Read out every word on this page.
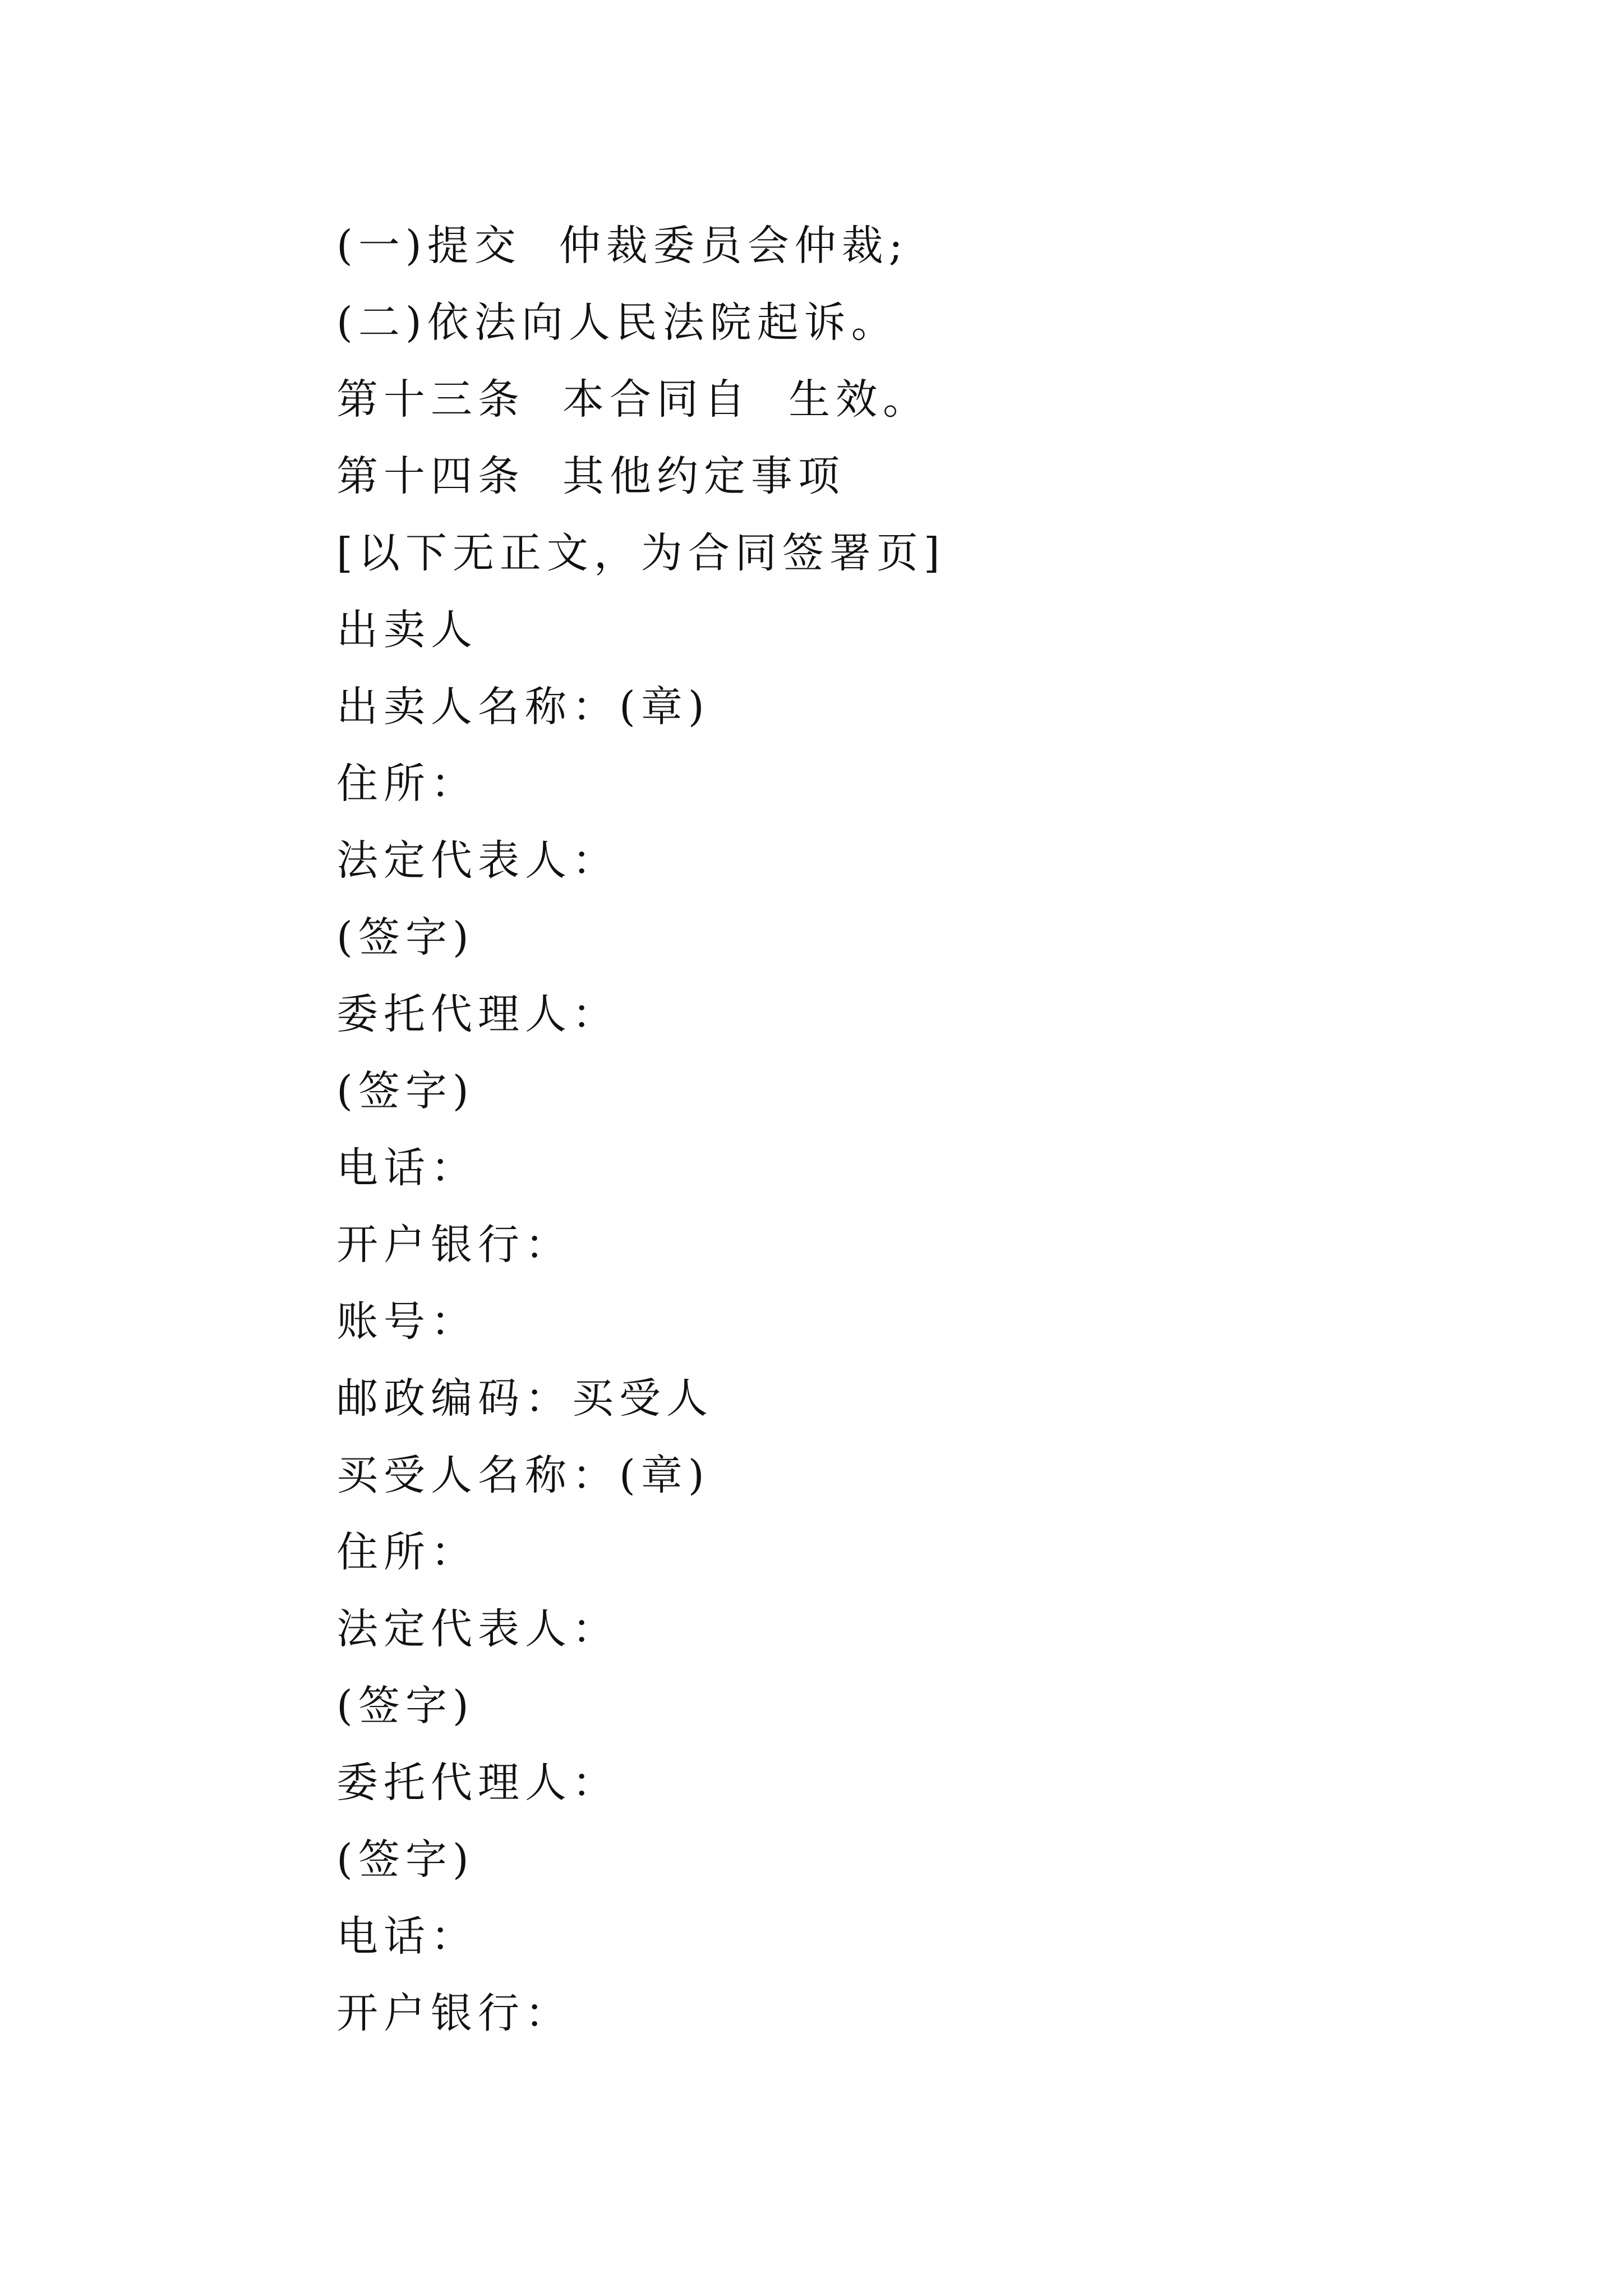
(一)提交  仲裁委员会仲裁;
(二)依法向人民法院起诉。
第十三条  本合同自  生效。
第十四条  其他约定事项
[以下无正文，为合同签署页]
出卖人
出卖人名称：(章)
住所：
法定代表人：
(签字)
委托代理人：
(签字)
电话：
开户银行：
账号：
邮政编码：买受人
买受人名称：(章)
住所：
法定代表人：
(签字)
委托代理人：
(签字)
电话：
开户银行：
